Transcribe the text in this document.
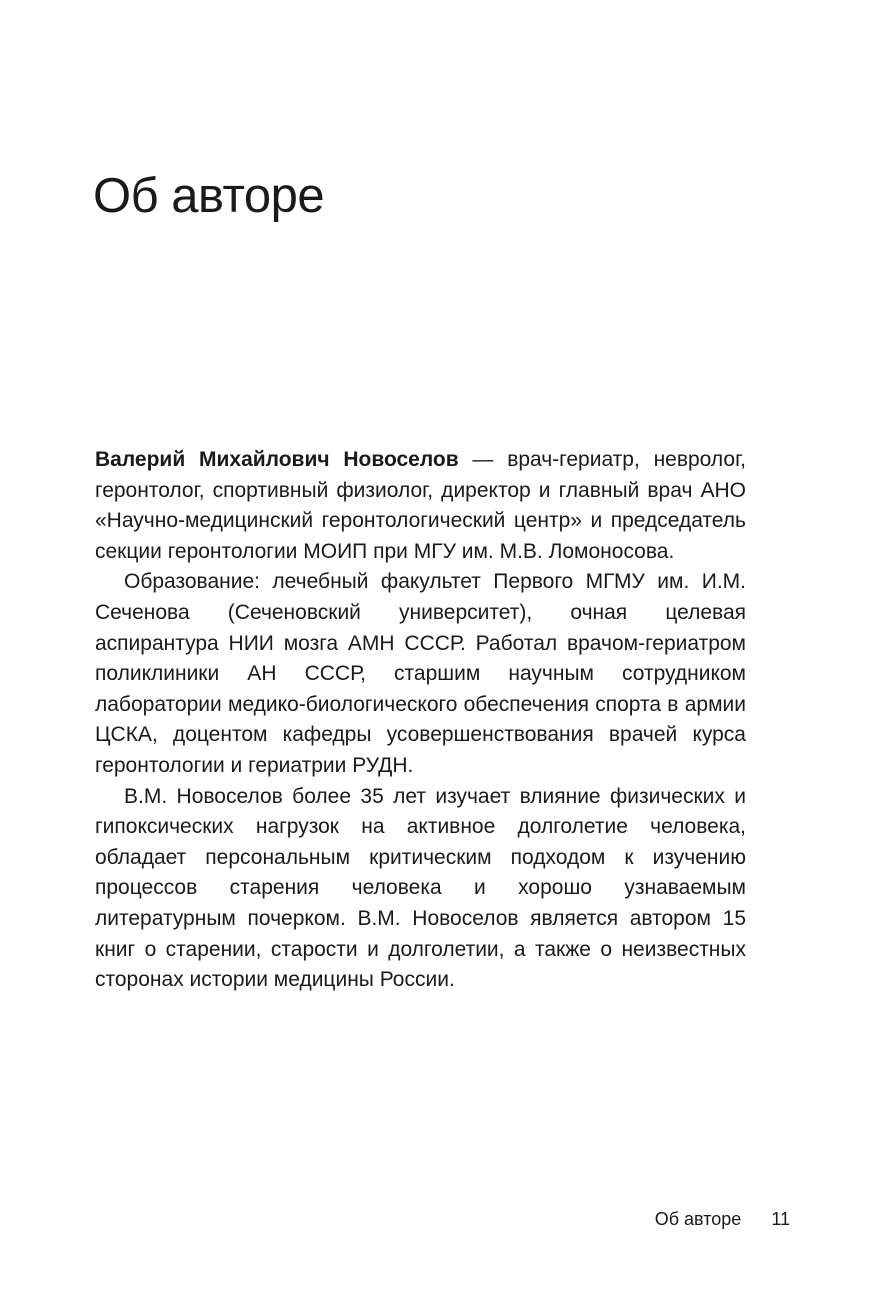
Об авторе

Валерий Михайлович Новоселов — врач-гериатр, невролог, геронтолог, спортивный физиолог, директор и главный врач АНО «Научно-медицинский геронтологический центр» и председатель секции геронтологии МОИП при МГУ им. М.В. Ломоносова.

Образование: лечебный факультет Первого МГМУ им. И.М. Сеченова (Сеченовский университет), очная целевая аспирантура НИИ мозга АМН СССР. Работал врачом-гериатром поликлиники АН СССР, старшим научным сотрудником лаборатории медико-биологического обеспечения спорта в армии ЦСКА, доцентом кафедры усовершенствования врачей курса геронтологии и гериатрии РУДН.

В.М. Новоселов более 35 лет изучает влияние физических и гипоксических нагрузок на активное долголетие человека, обладает персональным критическим подходом к изучению процессов старения человека и хорошо узнаваемым литературным почерком. В.М. Новоселов является автором 15 книг о старении, старости и долголетии, а также о неизвестных сторонах истории медицины России.

Об авторе 11
